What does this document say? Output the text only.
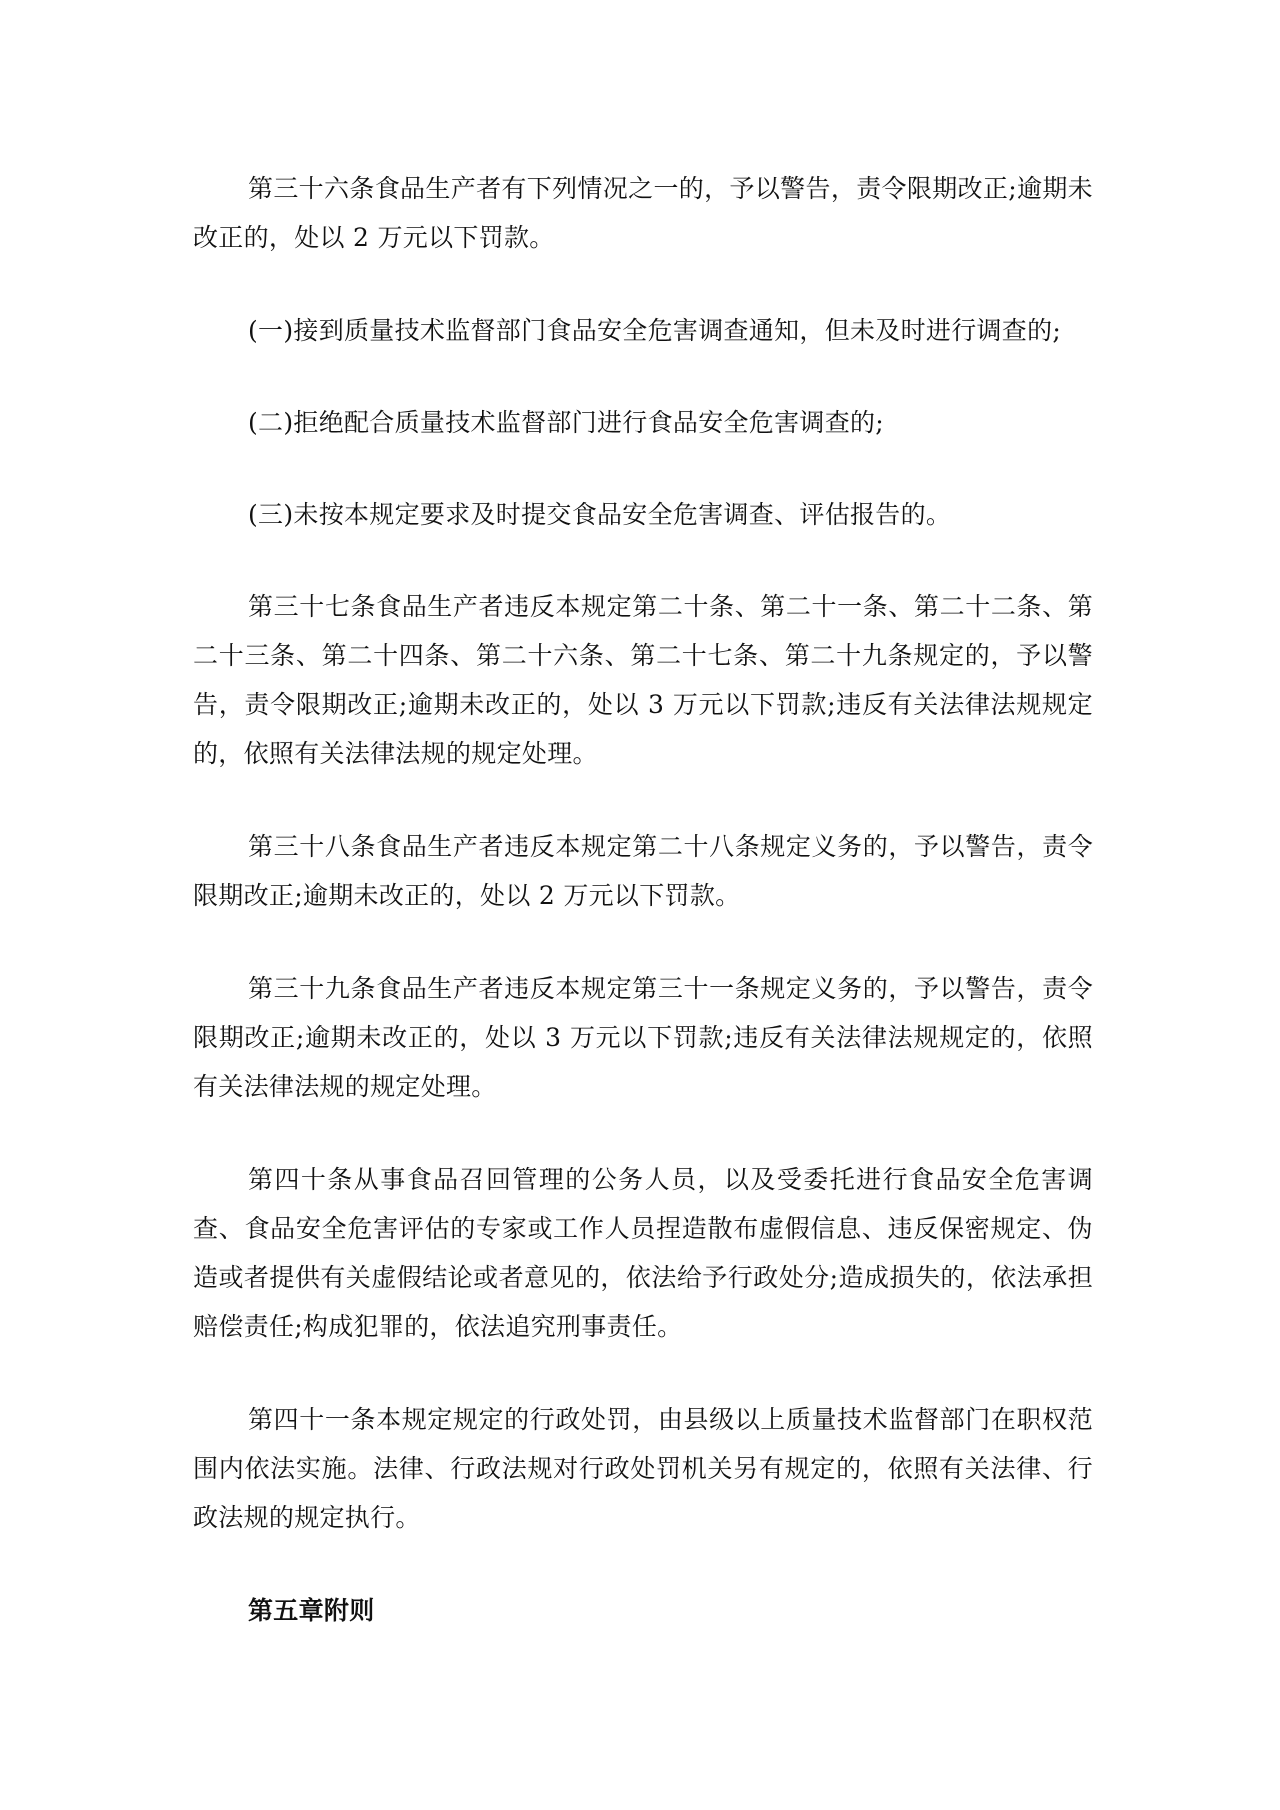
第三十六条食品生产者有下列情况之一的，予以警告，责令限期改正;逾期未改正的，处以 2 万元以下罚款。

(一)接到质量技术监督部门食品安全危害调查通知，但未及时进行调查的;

(二)拒绝配合质量技术监督部门进行食品安全危害调查的;

(三)未按本规定要求及时提交食品安全危害调查、评估报告的。

第三十七条食品生产者违反本规定第二十条、第二十一条、第二十二条、第二十三条、第二十四条、第二十六条、第二十七条、第二十九条规定的，予以警告，责令限期改正;逾期未改正的，处以 3 万元以下罚款;违反有关法律法规规定的，依照有关法律法规的规定处理。

第三十八条食品生产者违反本规定第二十八条规定义务的，予以警告，责令限期改正;逾期未改正的，处以 2 万元以下罚款。

第三十九条食品生产者违反本规定第三十一条规定义务的，予以警告，责令限期改正;逾期未改正的，处以 3 万元以下罚款;违反有关法律法规规定的，依照有关法律法规的规定处理。

第四十条从事食品召回管理的公务人员，以及受委托进行食品安全危害调查、食品安全危害评估的专家或工作人员捏造散布虚假信息、违反保密规定、伪造或者提供有关虚假结论或者意见的，依法给予行政处分;造成损失的，依法承担赔偿责任;构成犯罪的，依法追究刑事责任。

第四十一条本规定规定的行政处罚，由县级以上质量技术监督部门在职权范围内依法实施。法律、行政法规对行政处罚机关另有规定的，依照有关法律、行政法规的规定执行。

第五章附则
